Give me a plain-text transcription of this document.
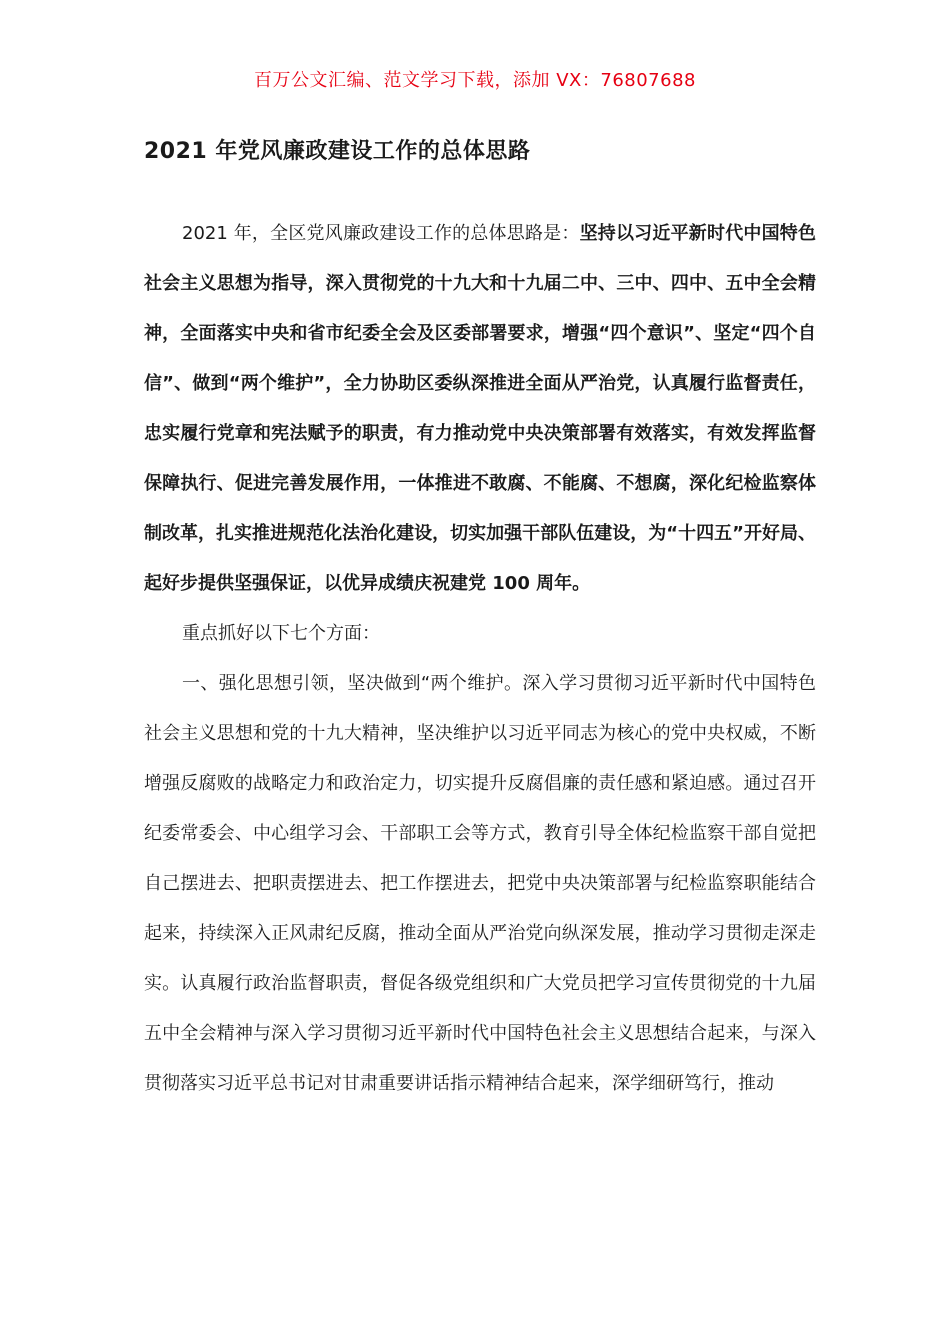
百万公文汇编、范文学习下载，添加 VX：76807688
2021 年党风廉政建设工作的总体思路

2021 年，全区党风廉政建设工作的总体思路是：坚持以习近平新时代中国特色社会主义思想为指导，深入贯彻党的十九大和十九届二中、三中、四中、五中全会精神，全面落实中央和省市纪委全会及区委部署要求，增强“四个意识”、坚定“四个自信”、做到“两个维护”，全力协助区委纵深推进全面从严治党，认真履行监督责任，忠实履行党章和宪法赋予的职责，有力推动党中央决策部署有效落实，有效发挥监督保障执行、促进完善发展作用，一体推进不敢腐、不能腐、不想腐，深化纪检监察体制改革，扎实推进规范化法治化建设，切实加强干部队伍建设，为“十四五”开好局、起好步提供坚强保证，以优异成绩庆祝建党 100 周年。

重点抓好以下七个方面：

一、强化思想引领，坚决做到“两个维护。深入学习贯彻习近平新时代中国特色社会主义思想和党的十九大精神，坚决维护以习近平同志为核心的党中央权威，不断增强反腐败的战略定力和政治定力，切实提升反腐倡廉的责任感和紧迫感。通过召开纪委常委会、中心组学习会、干部职工会等方式，教育引导全体纪检监察干部自觉把自己摆进去、把职责摆进去、把工作摆进去，把党中央决策部署与纪检监察职能结合起来，持续深入正风肃纪反腐，推动全面从严治党向纵深发展，推动学习贯彻走深走实。认真履行政治监督职责，督促各级党组织和广大党员把学习宣传贯彻党的十九届五中全会精神与深入学习贯彻习近平新时代中国特色社会主义思想结合起来，与深入贯彻落实习近平总书记对甘肃重要讲话指示精神结合起来，深学细研笃行，推动
